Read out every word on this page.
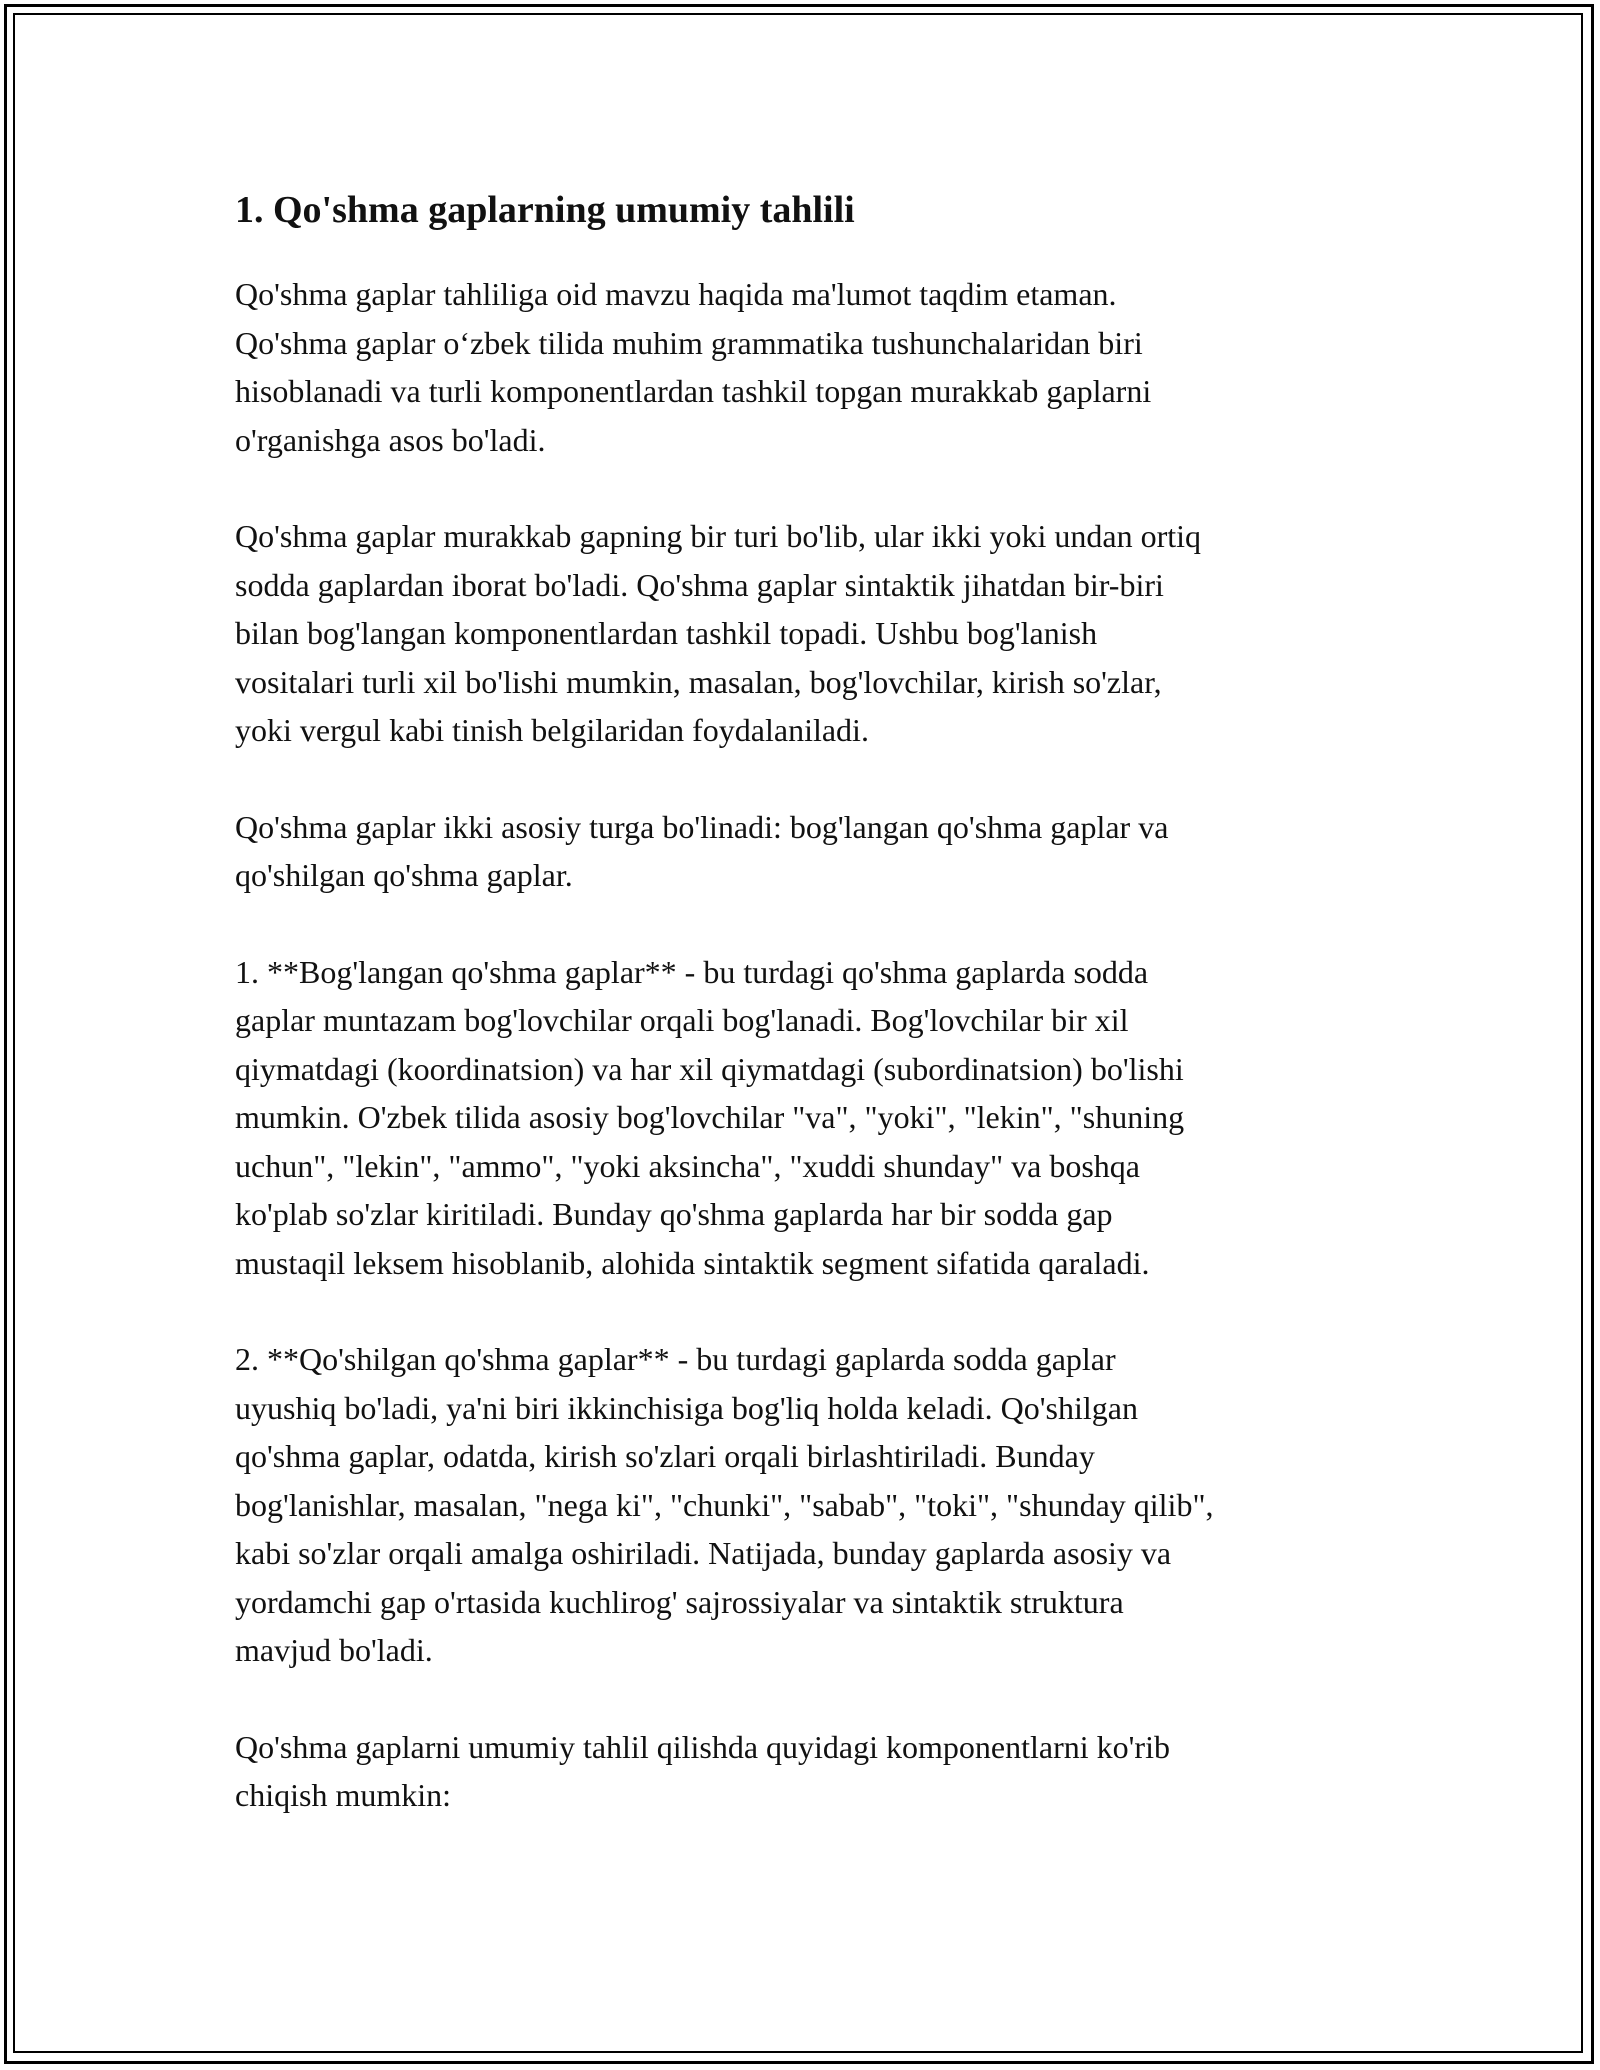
1. Qo'shma gaplarning umumiy tahlili

Qo'shma gaplar tahliliga oid mavzu haqida ma'lumot taqdim etaman.
Qo'shma gaplar o‘zbek tilida muhim grammatika tushunchalaridan biri
hisoblanadi va turli komponentlardan tashkil topgan murakkab gaplarni
o'rganishga asos bo'ladi.

Qo'shma gaplar murakkab gapning bir turi bo'lib, ular ikki yoki undan ortiq
sodda gaplardan iborat bo'ladi. Qo'shma gaplar sintaktik jihatdan bir-biri
bilan bog'langan komponentlardan tashkil topadi. Ushbu bog'lanish
vositalari turli xil bo'lishi mumkin, masalan, bog'lovchilar, kirish so'zlar,
yoki vergul kabi tinish belgilaridan foydalaniladi.

Qo'shma gaplar ikki asosiy turga bo'linadi: bog'langan qo'shma gaplar va
qo'shilgan qo'shma gaplar.

1. **Bog'langan qo'shma gaplar** - bu turdagi qo'shma gaplarda sodda
gaplar muntazam bog'lovchilar orqali bog'lanadi. Bog'lovchilar bir xil
qiymatdagi (koordinatsion) va har xil qiymatdagi (subordinatsion) bo'lishi
mumkin. O'zbek tilida asosiy bog'lovchilar "va", "yoki", "lekin", "shuning
uchun", "lekin", "ammo", "yoki aksincha", "xuddi shunday" va boshqa
ko'plab so'zlar kiritiladi. Bunday qo'shma gaplarda har bir sodda gap
mustaqil leksem hisoblanib, alohida sintaktik segment sifatida qaraladi.

2. **Qo'shilgan qo'shma gaplar** - bu turdagi gaplarda sodda gaplar
uyushiq bo'ladi, ya'ni biri ikkinchisiga bog'liq holda keladi. Qo'shilgan
qo'shma gaplar, odatda, kirish so'zlari orqali birlashtiriladi. Bunday
bog'lanishlar, masalan, "nega ki", "chunki", "sabab", "toki", "shunday qilib",
kabi so'zlar orqali amalga oshiriladi. Natijada, bunday gaplarda asosiy va
yordamchi gap o'rtasida kuchlirog' sajrossiyalar va sintaktik struktura
mavjud bo'ladi.

Qo'shma gaplarni umumiy tahlil qilishda quyidagi komponentlarni ko'rib
chiqish mumkin:
